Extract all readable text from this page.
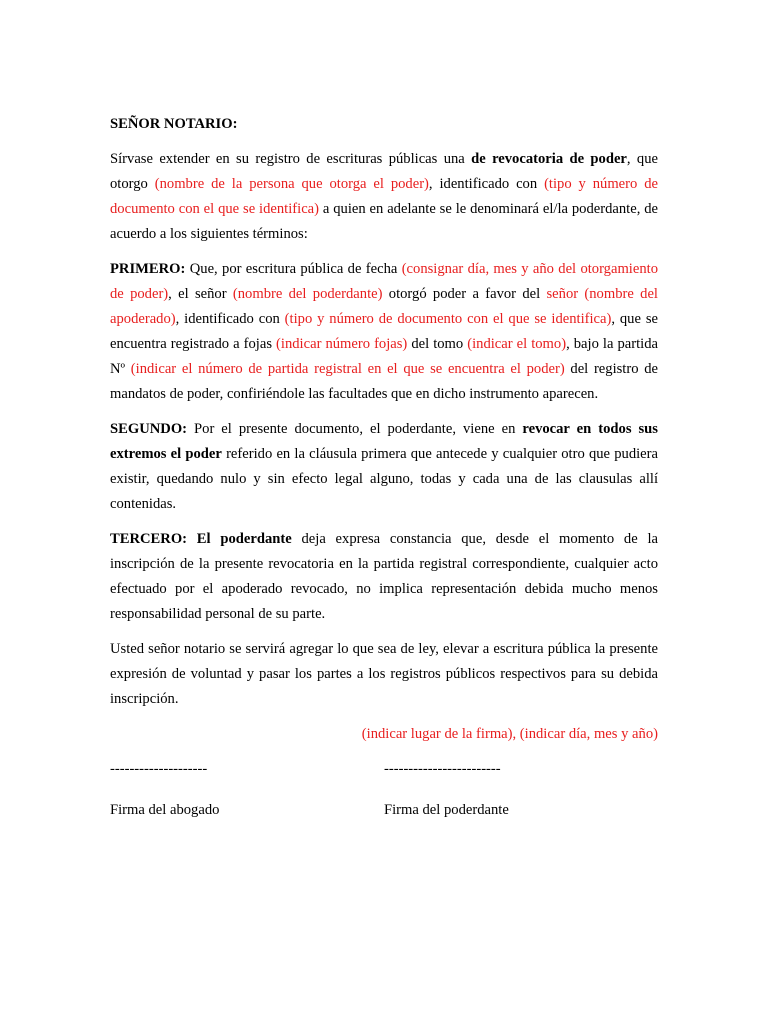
SEÑOR NOTARIO:

Sírvase extender en su registro de escrituras públicas una de revocatoria de poder, que otorgo (nombre de la persona que otorga el poder), identificado con (tipo y número de documento con el que se identifica) a quien en adelante se le denominará el/la poderdante, de acuerdo a los siguientes términos:

PRIMERO: Que, por escritura pública de fecha (consignar día, mes y año del otorgamiento de poder), el señor (nombre del poderdante) otorgó poder a favor del señor (nombre del apoderado), identificado con (tipo y número de documento con el que se identifica), que se encuentra registrado a fojas (indicar número fojas) del tomo (indicar el tomo), bajo la partida Nº (indicar el número de partida registral en el que se encuentra el poder) del registro de mandatos de poder, confiriéndole las facultades que en dicho instrumento aparecen.

SEGUNDO: Por el presente documento, el poderdante, viene en revocar en todos sus extremos el poder referido en la cláusula primera que antecede y cualquier otro que pudiera existir, quedando nulo y sin efecto legal alguno, todas y cada una de las clausulas allí contenidas.

TERCERO: El poderdante deja expresa constancia que, desde el momento de la inscripción de la presente revocatoria en la partida registral correspondiente, cualquier acto efectuado por el apoderado revocado, no implica representación debida mucho menos responsabilidad personal de su parte.

Usted señor notario se servirá agregar lo que sea de ley, elevar a escritura pública la presente expresión de voluntad y pasar los partes a los registros públicos respectivos para su debida inscripción.

(indicar lugar de la firma), (indicar día, mes y año)

--------------------	------------------------
Firma del abogado	Firma del poderdante
